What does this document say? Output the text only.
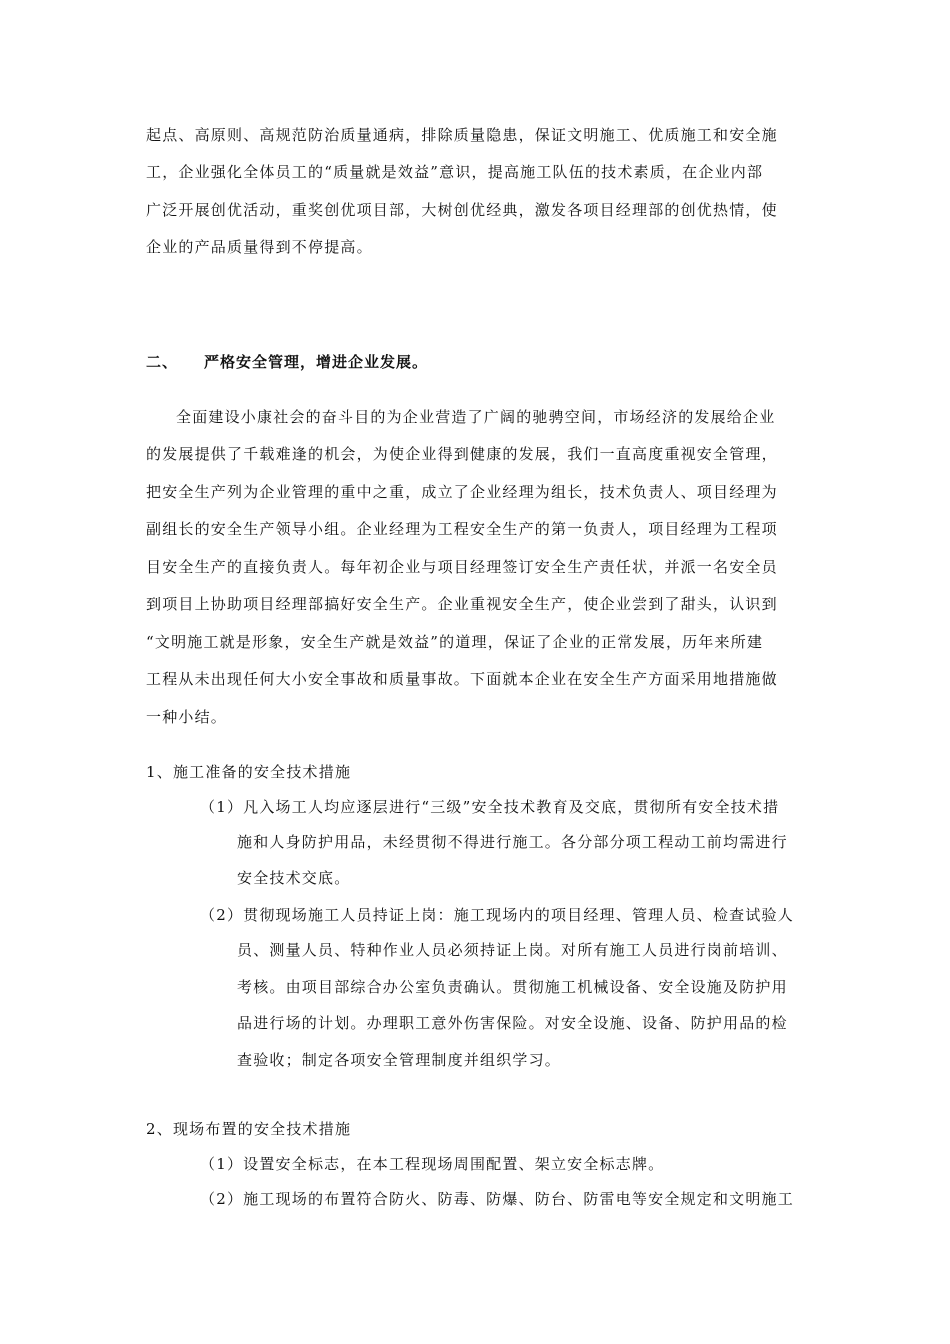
起点、高原则、高规范防治质量通病，排除质量隐患，保证文明施工、优质施工和安全施
工，企业强化全体员工的“质量就是效益”意识，提高施工队伍的技术素质，在企业内部
广泛开展创优活动，重奖创优项目部，大树创优经典，激发各项目经理部的创优热情，使
企业的产品质量得到不停提高。
二、 严格安全管理，增进企业发展。
全面建设小康社会的奋斗目的为企业营造了广阔的驰骋空间，市场经济的发展给企业
的发展提供了千载难逢的机会，为使企业得到健康的发展，我们一直高度重视安全管理，
把安全生产列为企业管理的重中之重，成立了企业经理为组长，技术负责人、项目经理为
副组长的安全生产领导小组。企业经理为工程安全生产的第一负责人，项目经理为工程项
目安全生产的直接负责人。每年初企业与项目经理签订安全生产责任状，并派一名安全员
到项目上协助项目经理部搞好安全生产。企业重视安全生产，使企业尝到了甜头，认识到
“文明施工就是形象，安全生产就是效益”的道理，保证了企业的正常发展，历年来所建
工程从未出现任何大小安全事故和质量事故。下面就本企业在安全生产方面采用地措施做
一种小结。
1、施工准备的安全技术措施
（1）凡入场工人均应逐层进行“三级”安全技术教育及交底，贯彻所有安全技术措
施和人身防护用品，未经贯彻不得进行施工。各分部分项工程动工前均需进行
安全技术交底。
（2）贯彻现场施工人员持证上岗：施工现场内的项目经理、管理人员、检查试验人
员、测量人员、特种作业人员必须持证上岗。对所有施工人员进行岗前培训、
考核。由项目部综合办公室负责确认。贯彻施工机械设备、安全设施及防护用
品进行场的计划。办理职工意外伤害保险。对安全设施、设备、防护用品的检
查验收；制定各项安全管理制度并组织学习。
2、现场布置的安全技术措施
（1）设置安全标志，在本工程现场周围配置、架立安全标志牌。
（2）施工现场的布置符合防火、防毒、防爆、防台、防雷电等安全规定和文明施工
